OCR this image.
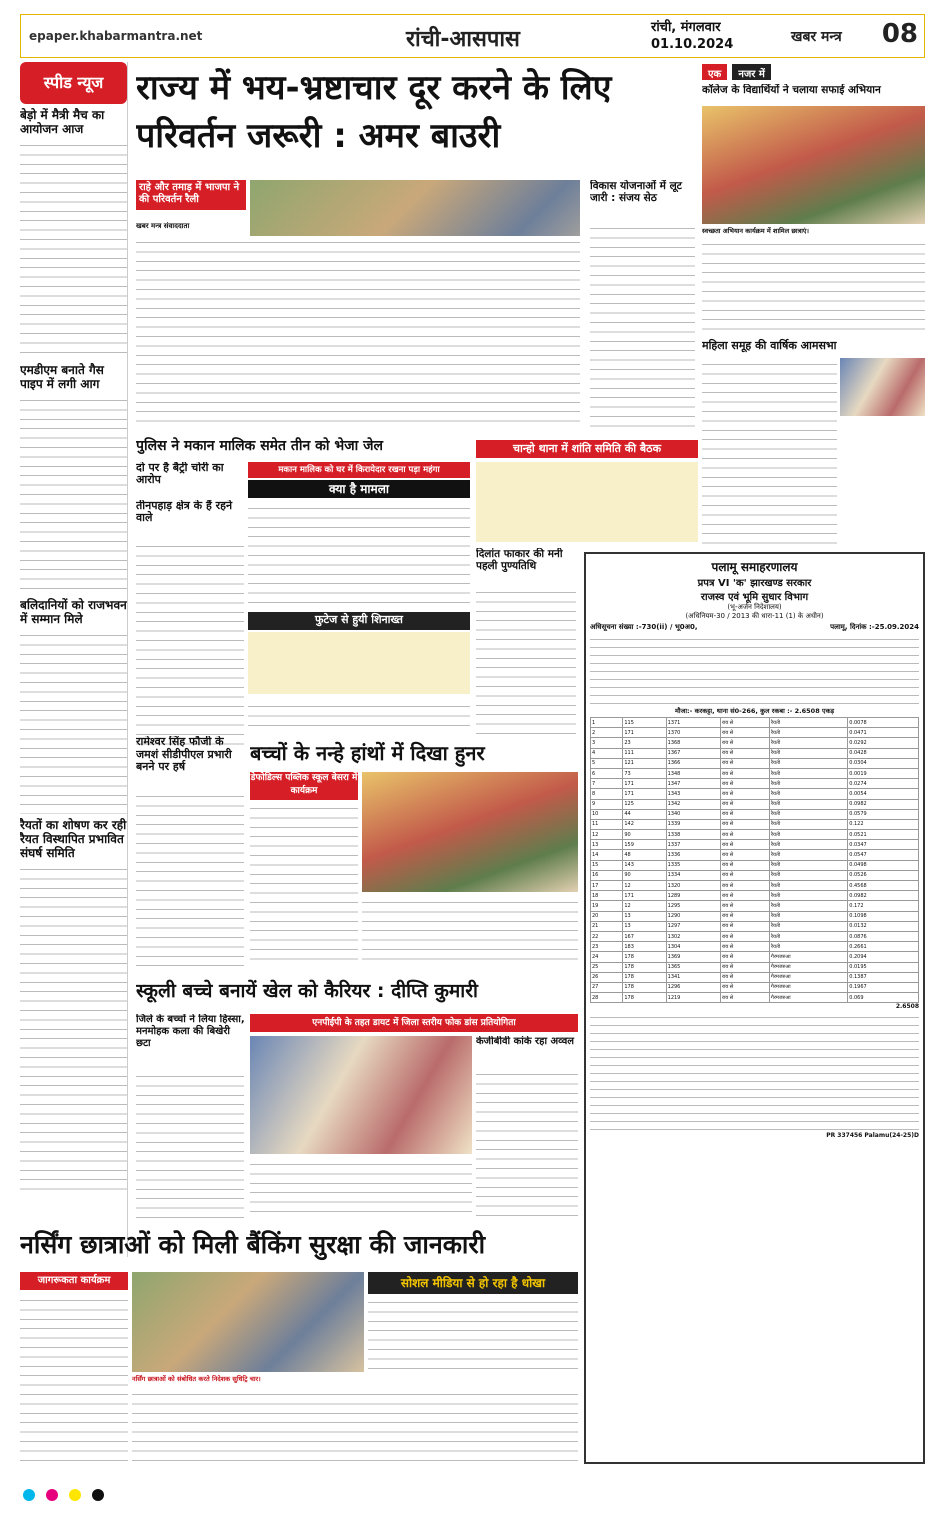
epaper.khabarmantra.net	रांची-आसपास	रांची, मंगलवार
01.10.2024	खबर मन्त्र 08
स्पीड न्यूज
बेड़ो में मैत्री मैच का आयोजन आज
एमडीएम बनाते गैस पाइप में लगी आग
बलिदानियों को राजभवन में सम्मान मिले
रैयतों का शोषण कर रही रैयत विस्थापित प्रभावित संघर्ष समिति
राज्य में भय-भ्रष्टाचार दूर करने के लिए परिवर्तन जरूरी : अमर बाउरी
राहे और तमाड़ में भाजपा ने की परिवर्तन रैली
खबर मन्त्र संवाददाता
विकास योजनाओं में लूट जारी : संजय सेठ
एक नजर में
कॉलेज के विद्यार्थियों ने चलाया सफाई अभियान
स्वच्छता अभियान कार्यक्रम में शामिल छात्राएं।
महिला समूह की वार्षिक आमसभा
पुलिस ने मकान मालिक समेत तीन को भेजा जेल
दो पर है बैट्री चोरी का आरोप
तीनपहाड़ क्षेत्र के हैं रहने वाले
मकान मालिक को घर में किरायेदार रखना पड़ा महंगा
क्या है मामला
फुटेज से हुयी शिनाख्त
चान्हो थाना में शांति समिति की बैठक
दिलांत फाकार की मनी पहली पुण्यतिथि
रामेश्वर सिंह फौजी के जमशं सीडीपीएल प्रभारी बनने पर हर्ष
बच्चों के नन्हे हांथों में दिखा हुनर
डेफोडिल्स पब्लिक स्कूल बेसरा में कार्यक्रम
स्कूली बच्चे बनायें खेल को कैरियर : दीप्ति कुमारी
जिले के बच्चों ने लिया हिस्सा, मनमोहक कला की बिखेरी छटा
एनपीईपी के तहत डायट में जिला स्तरीय फोक डांस प्रतियोगिता
केजीबीवी कांके रहा अव्वल
नर्सिंग छात्राओं को मिली बैंकिंग सुरक्षा की जानकारी
जागरूकता कार्यक्रम	सोशल मीडिया से हो रहा है धोखा
नर्सिंग छात्राओं को संबोधित करते निदेशक सुधिट्रि चार।
पलामू समाहरणालय
प्रपत्र VI 'क' झारखण्ड सरकार
राजस्व एवं भूमि सुधार विभाग
(भू-अर्जन निदेशालय)
(अधिनियम-30 / 2013 की धारा-11 (1) के अधीन)
अधिसूचना संख्या :-730(ii) / भू0अ0,	पलामू, दिनांक :-25.09.2024
मौजा:- करकट्टा, थाना सं0-266, कुल रकबा :- 2.6508 एकड़
1	115	1371	राय से	रैयती	0.0078
2	171	1370	राय से	रैयती	0.0471
3	23	1368	राय से	रैयती	0.0292
4	111	1367	राय से	रैयती	0.0428
5	121	1366	राय से	रैयती	0.0304
6	73	1348	राय से	रैयती	0.0019
7	171	1347	राय से	रैयती	0.0274
8	171	1343	राय से	रैयती	0.0054
9	125	1342	राय से	रैयती	0.0982
10	44	1340	राय से	रैयती	0.0579
11	142	1339	राय से	रैयती	0.122
12	90	1338	राय से	रैयती	0.0521
13	159	1337	राय से	रैयती	0.0347
14	48	1336	राय से	रैयती	0.0547
15	143	1335	राय से	रैयती	0.0498
16	90	1334	राय से	रैयती	0.0526
17	12	1320	राय से	रैयती	0.4568
18	171	1289	राय से	रैयती	0.0982
19	12	1295	राय से	रैयती	0.172
20	13	1290	राय से	रैयती	0.1098
21	13	1297	राय से	रैयती	0.0132
22	167	1302	राय से	रैयती	0.0876
23	183	1304	राय से	रैयती	0.2661
24	178	1369	राय से	गैरमजरुआ	0.2094
25	178	1365	राय से	गैरमजरुआ	0.0195
26	178	1341	राय से	गैरमजरुआ	0.1387
27	178	1296	राय से	गैरमजरुआ	0.1967
28	178	1219	राय से	गैरमजरुआ	0.069
2.6508
PR 337456 Palamu(24-25)D
